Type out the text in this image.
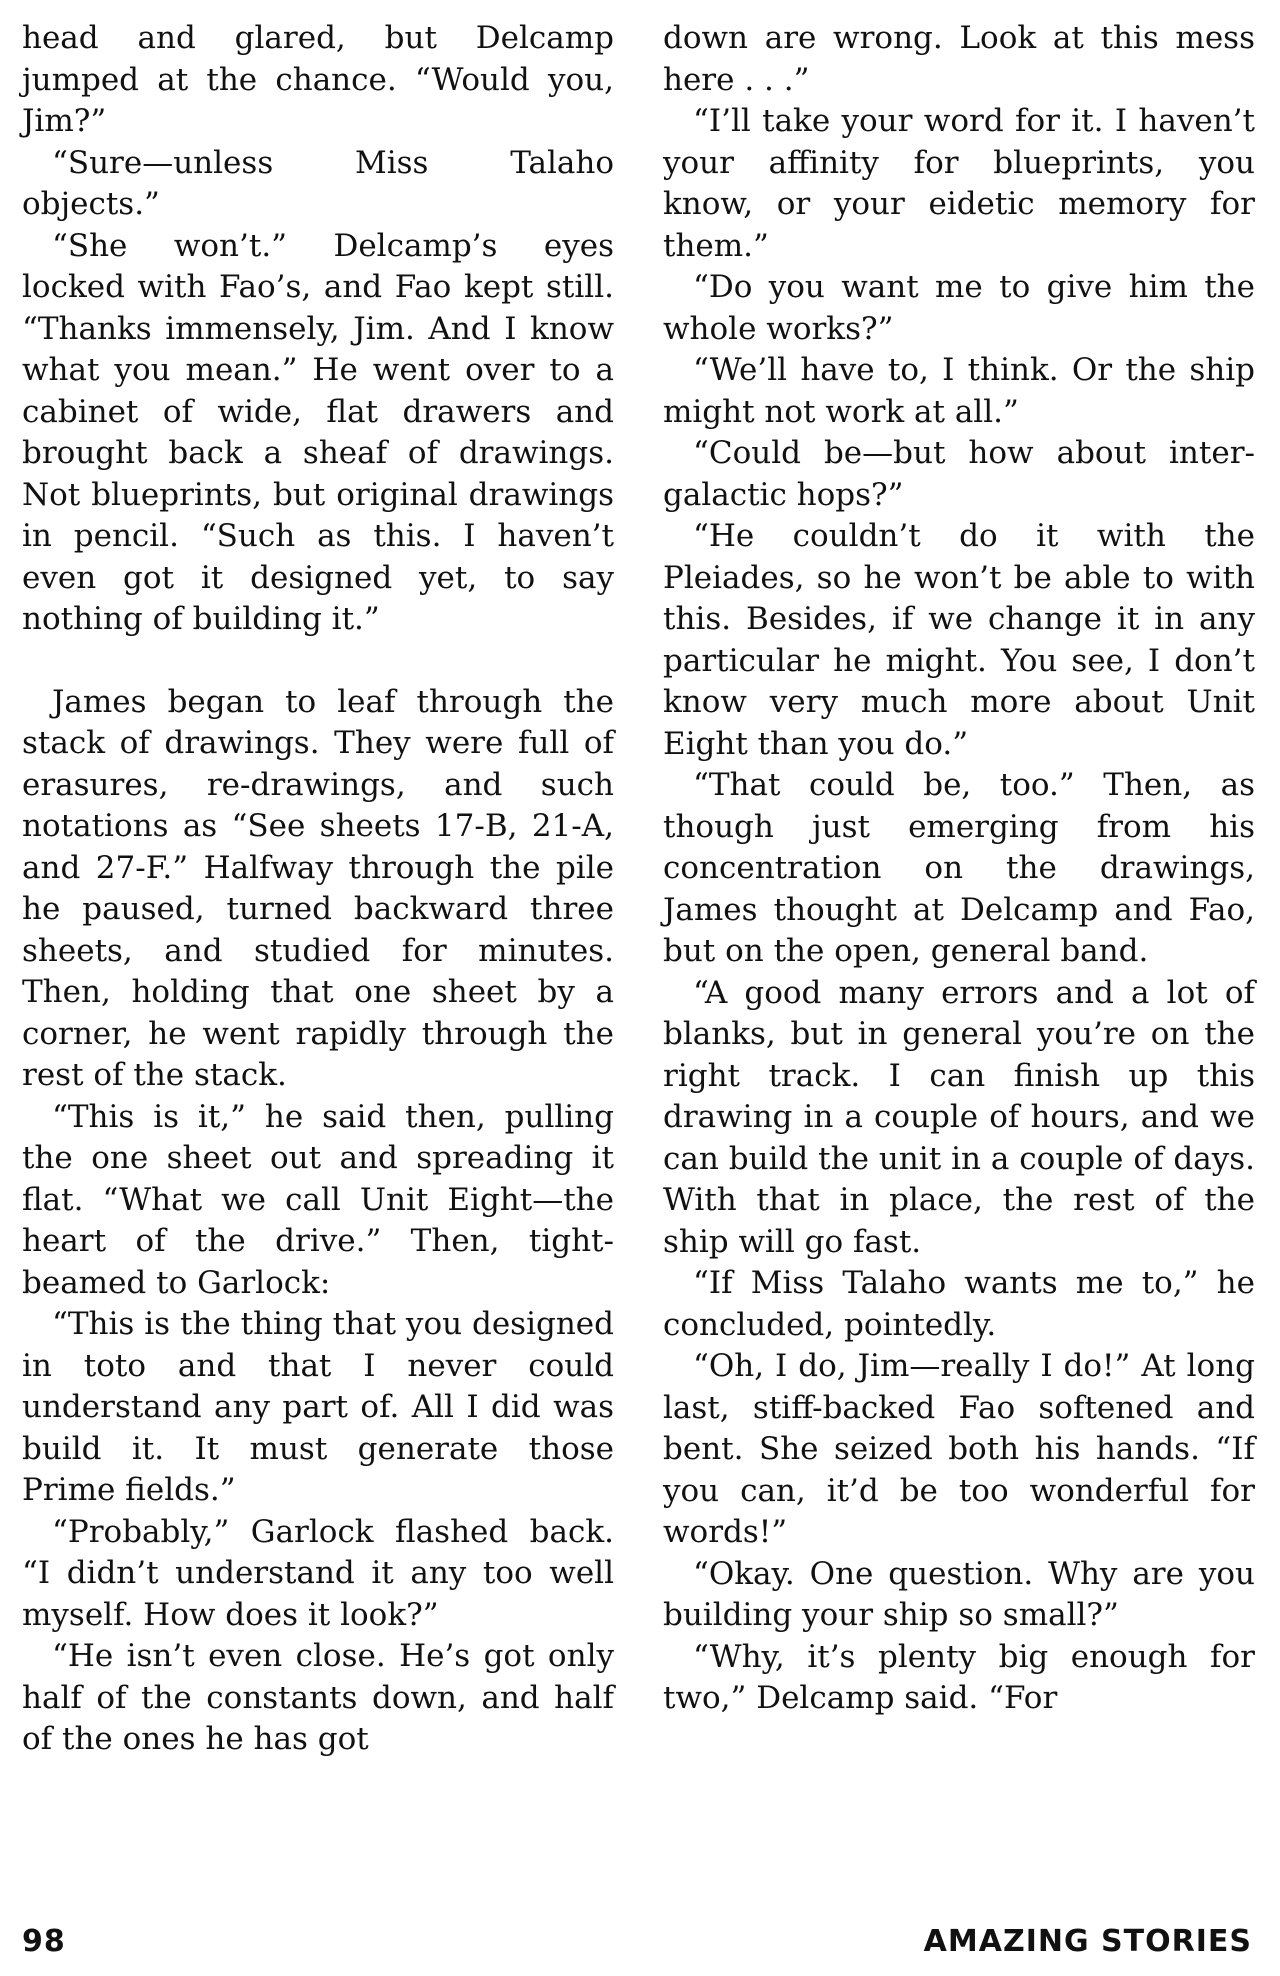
head and glared, but Delcamp jumped at the chance. “Would you, Jim?”

“Sure—unless Miss Talaho objects.”

“She won’t.” Delcamp’s eyes locked with Fao’s, and Fao kept still. “Thanks immensely, Jim. And I know what you mean.” He went over to a cabinet of wide, flat drawers and brought back a sheaf of drawings. Not blueprints, but original drawings in pencil. “Such as this. I haven’t even got it designed yet, to say nothing of building it.”

James began to leaf through the stack of drawings. They were full of erasures, re-drawings, and such notations as “See sheets 17-B, 21-A, and 27-F.” Halfway through the pile he paused, turned backward three sheets, and studied for minutes. Then, holding that one sheet by a corner, he went rapidly through the rest of the stack.

“This is it,” he said then, pulling the one sheet out and spreading it flat. “What we call Unit Eight—the heart of the drive.” Then, tight-beamed to Garlock:

“This is the thing that you designed in toto and that I never could understand any part of. All I did was build it. It must generate those Prime fields.”

“Probably,” Garlock flashed back. “I didn’t understand it any too well myself. How does it look?”

“He isn’t even close. He’s got only half of the constants down, and half of the ones he has got

down are wrong. Look at this mess here . . .”

“I’ll take your word for it. I haven’t your affinity for blueprints, you know, or your eidetic memory for them.”

“Do you want me to give him the whole works?”

“We’ll have to, I think. Or the ship might not work at all.”

“Could be—but how about inter-galactic hops?”

“He couldn’t do it with the Pleiades, so he won’t be able to with this. Besides, if we change it in any particular he might. You see, I don’t know very much more about Unit Eight than you do.”

“That could be, too.” Then, as though just emerging from his concentration on the drawings, James thought at Delcamp and Fao, but on the open, general band.

“A good many errors and a lot of blanks, but in general you’re on the right track. I can finish up this drawing in a couple of hours, and we can build the unit in a couple of days. With that in place, the rest of the ship will go fast.

“If Miss Talaho wants me to,” he concluded, pointedly.

“Oh, I do, Jim—really I do!” At long last, stiff-backed Fao softened and bent. She seized both his hands. “If you can, it’d be too wonderful for words!”

“Okay. One question. Why are you building your ship so small?”

“Why, it’s plenty big enough for two,” Delcamp said. “For

98	AMAZING STORIES
